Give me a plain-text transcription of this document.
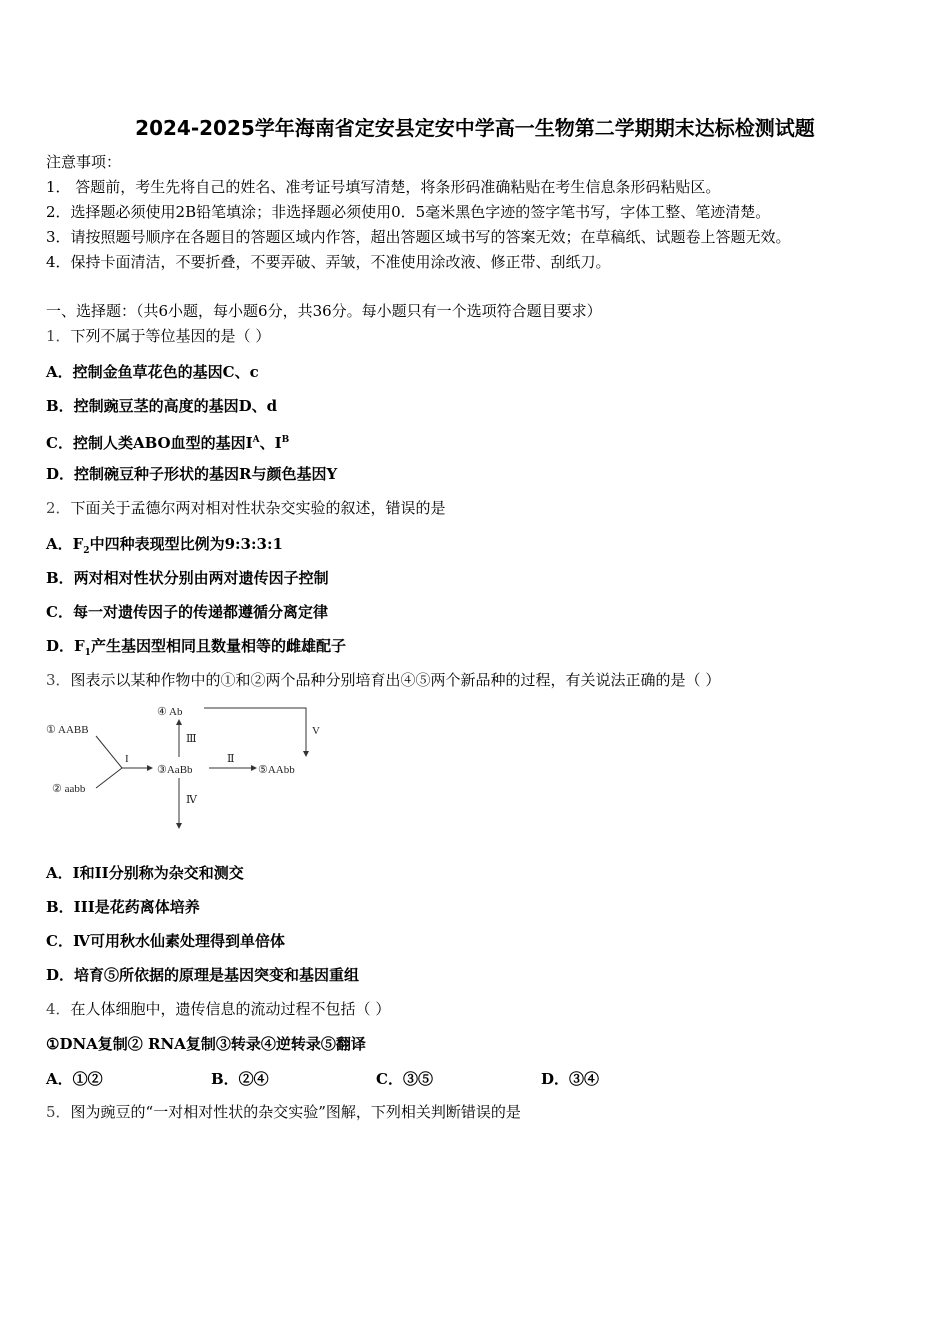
2024-2025学年海南省定安县定安中学高一生物第二学期期末达标检测试题
注意事项：
1． 答题前，考生先将自己的姓名、准考证号填写清楚，将条形码准确粘贴在考生信息条形码粘贴区。
2．选择题必须使用2B铅笔填涂；非选择题必须使用0．5毫米黑色字迹的签字笔书写，字体工整、笔迹清楚。
3．请按照题号顺序在各题目的答题区域内作答，超出答题区域书写的答案无效；在草稿纸、试题卷上答题无效。
4．保持卡面清洁，不要折叠，不要弄破、弄皱，不准使用涂改液、修正带、刮纸刀。
一、选择题：（共6小题，每小题6分，共36分。每小题只有一个选项符合题目要求）
1．下列不属于等位基因的是（ ）
A．控制金鱼草花色的基因C、c
B．控制豌豆茎的高度的基因D、d
C．控制人类ABO血型的基因$I^A$、$I^B$
D．控制碗豆种子形状的基因R与颜色基因Y
2．下面关于孟德尔两对相对性状杂交实验的叙述，错误的是
A．$F_2$中四种表现型比例为9:3:3:1
B．两对相对性状分别由两对遗传因子控制
C．每一对遗传因子的传递都遵循分离定律
D．$F_1$产生基因型相同且数量相等的雌雄配子
3．图表示以某种作物中的①和②两个品种分别培育出④⑤两个新品种的过程，有关说法正确的是（ ）
① AABB
② aabb
I
③AaBb
Ⅱ
⑤AAbb
④ Ab
Ⅲ
Ⅳ
V
A．I和II分别称为杂交和测交
B．III是花药离体培养
C．Ⅳ可用秋水仙素处理得到单倍体
D．培育⑤所依据的原理是基因突变和基因重组
4．在人体细胞中，遗传信息的流动过程不包括（ ）
①DNA复制② RNA复制③转录④逆转录⑤翻译
A．①②	B．②④	C．③⑤	D．③④
5．图为豌豆的“一对相对性状的杂交实验”图解，下列相关判断错误的是
